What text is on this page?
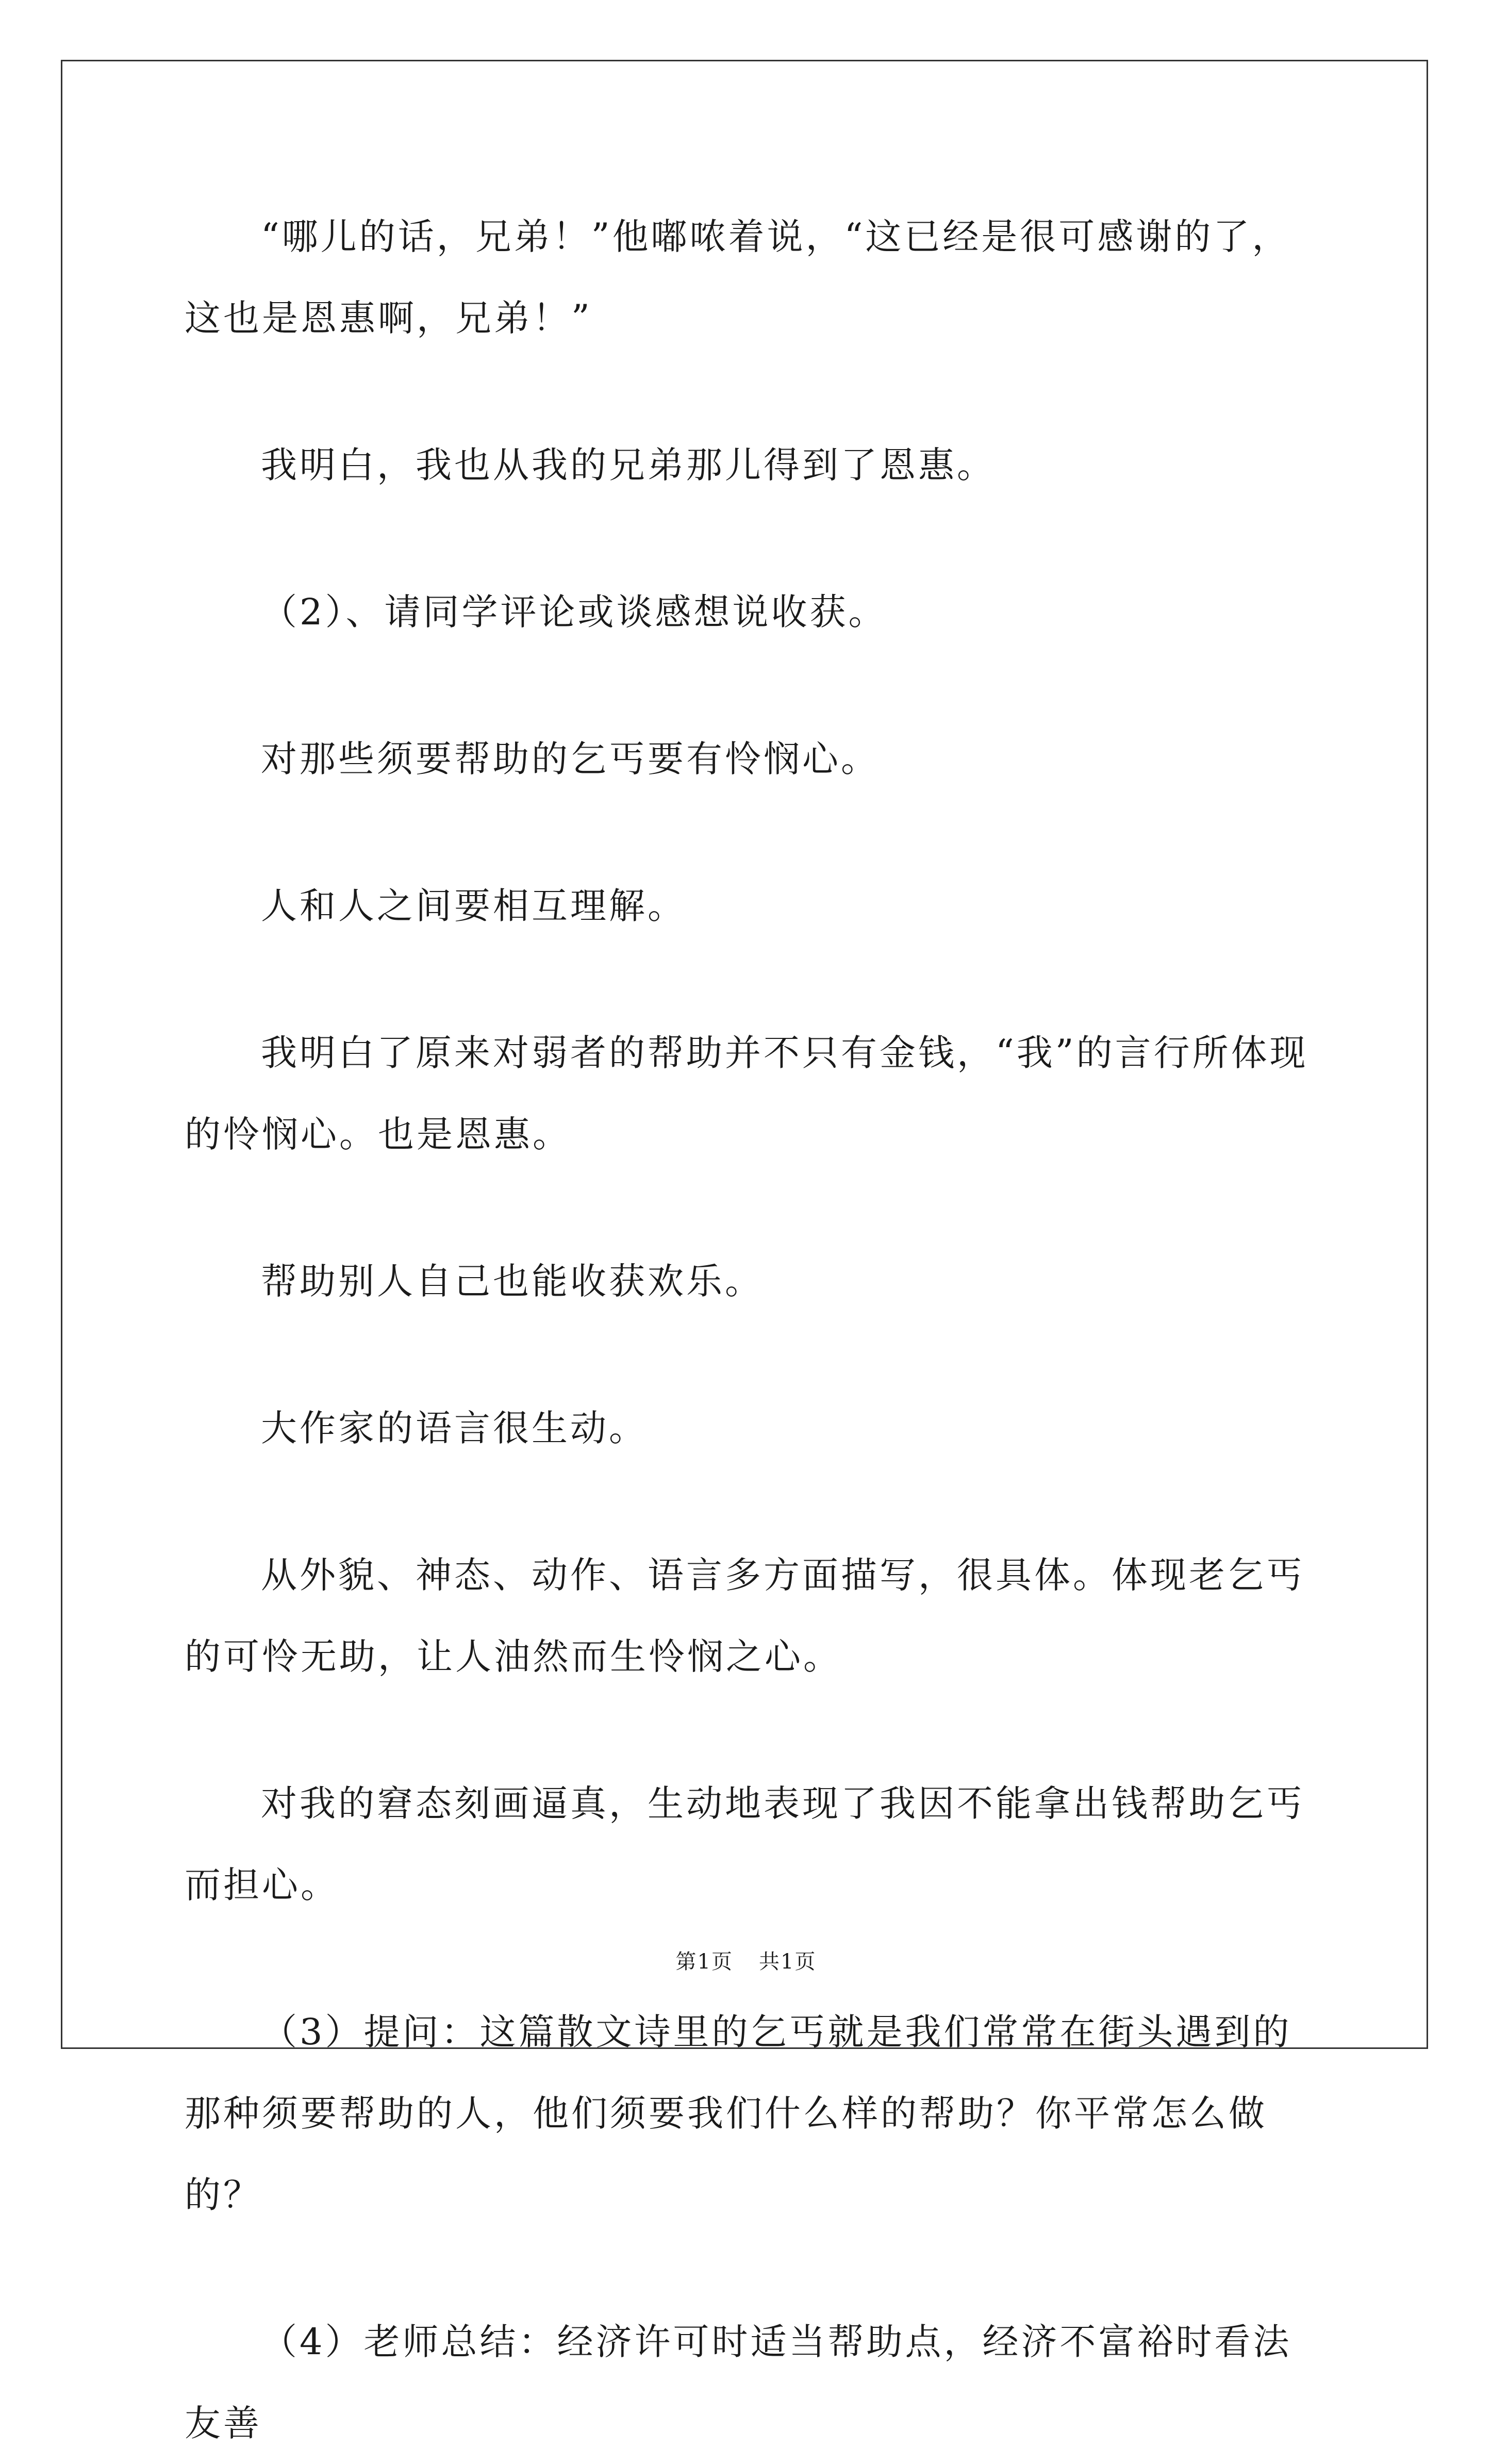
“哪儿的话，兄弟！”他嘟哝着说，“这已经是很可感谢的了，这也是恩惠啊，兄弟！”

我明白，我也从我的兄弟那儿得到了恩惠。

（2）、请同学评论或谈感想说收获。

对那些须要帮助的乞丐要有怜悯心。

人和人之间要相互理解。

我明白了原来对弱者的帮助并不只有金钱，“我”的言行所体现的怜悯心。也是恩惠。

帮助别人自己也能收获欢乐。

大作家的语言很生动。

从外貌、神态、动作、语言多方面描写，很具体。体现老乞丐的可怜无助，让人油然而生怜悯之心。

对我的窘态刻画逼真，生动地表现了我因不能拿出钱帮助乞丐而担心。

（3）提问：这篇散文诗里的乞丐就是我们常常在街头遇到的那种须要帮助的人，他们须要我们什么样的帮助？你平常怎么做的？

（4）老师总结：经济许可时适当帮助点，经济不富裕时看法友善

第1页 共1页
